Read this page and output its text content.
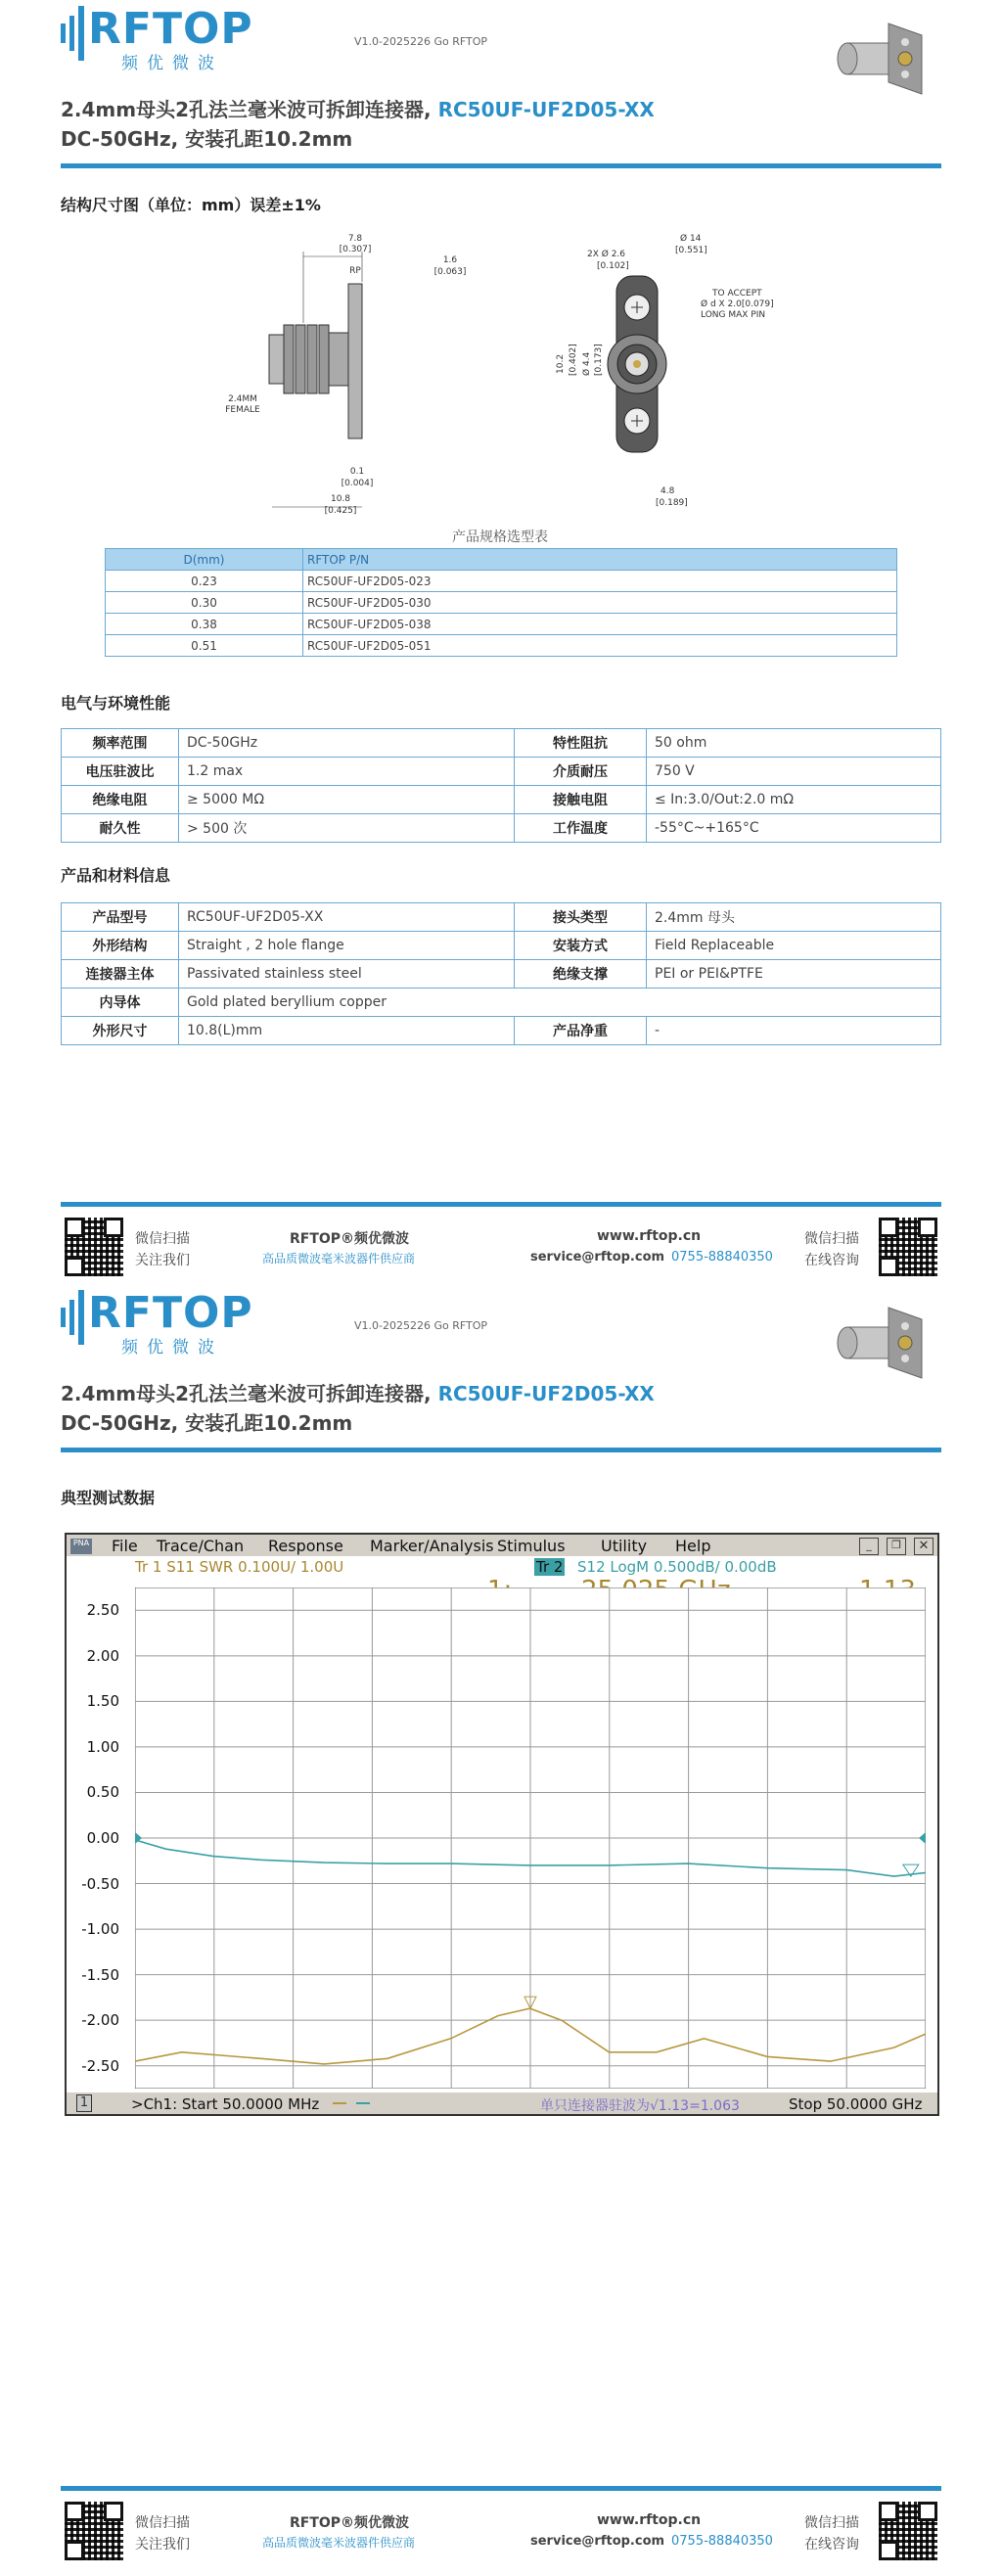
RFTOP
频优微波
V1.0-2025226 Go RFTOP
2.4mm母头2孔法兰毫米波可拆卸连接器, RC50UF-UF2D05-XX
DC-50GHz, 安装孔距10.2mm
结构尺寸图（单位：mm）误差±1%
7.8
[0.307]
RP
1.6
[0.063]
2.4MM
FEMALE
0.1
[0.004]
10.8
[0.425]
2X Ø 2.6
[0.102]
Ø 14
[0.551]
TO ACCEPT
Ø d X 2.0[0.079]
LONG MAX PIN
10.2 [0.402] Ø 4.4 [0.173]
4.8
[0.189]
产品规格选型表
D(mm)	RFTOP P/N
0.23	RC50UF-UF2D05-023
0.30	RC50UF-UF2D05-030
0.38	RC50UF-UF2D05-038
0.51	RC50UF-UF2D05-051
电气与环境性能
频率范围	DC-50GHz	特性阻抗	50 ohm
电压驻波比	1.2 max	介质耐压	750 V
绝缘电阻	≥ 5000 MΩ	接触电阻	≤ In:3.0/Out:2.0 mΩ
耐久性	> 500 次	工作温度	-55°C~+165°C
产品和材料信息
产品型号	RC50UF-UF2D05-XX	接头类型	2.4mm 母头
外形结构	Straight , 2 hole flange	安装方式	Field Replaceable
连接器主体	Passivated stainless steel	绝缘支撑	PEI or PEI&PTFE
内导体	Gold plated beryllium copper		
外形尺寸	10.8(L)mm	产品净重	-
微信扫描
关注我们
RFTOP®频优微波
高品质微波毫米波器件供应商
www.rftop.cn
service@rftop.com 0755-88840350
微信扫描
在线咨询
RFTOP
频优微波
V1.0-2025226 Go RFTOP
2.4mm母头2孔法兰毫米波可拆卸连接器, RC50UF-UF2D05-XX
DC-50GHz, 安装孔距10.2mm
典型测试数据
PNA File Trace/Chan Response Marker/Analysis Stimulus Utility Help	_	❐	✕
Tr 1 S11 SWR 0.100U/ 1.00U	Tr 2 S12 LogM 0.500dB/ 0.00dB
2.50
2.00
1.50
1.00
0.50
0.00
-0.50
-1.00
-1.50
-2.00
-2.50
1	>Ch1: Start 50.0000 MHz	单只连接器驻波为√1.13=1.063	Stop 50.0000 GHz
微信扫描
关注我们
RFTOP®频优微波
高品质微波毫米波器件供应商
www.rftop.cn
service@rftop.com 0755-88840350
微信扫描
在线咨询
